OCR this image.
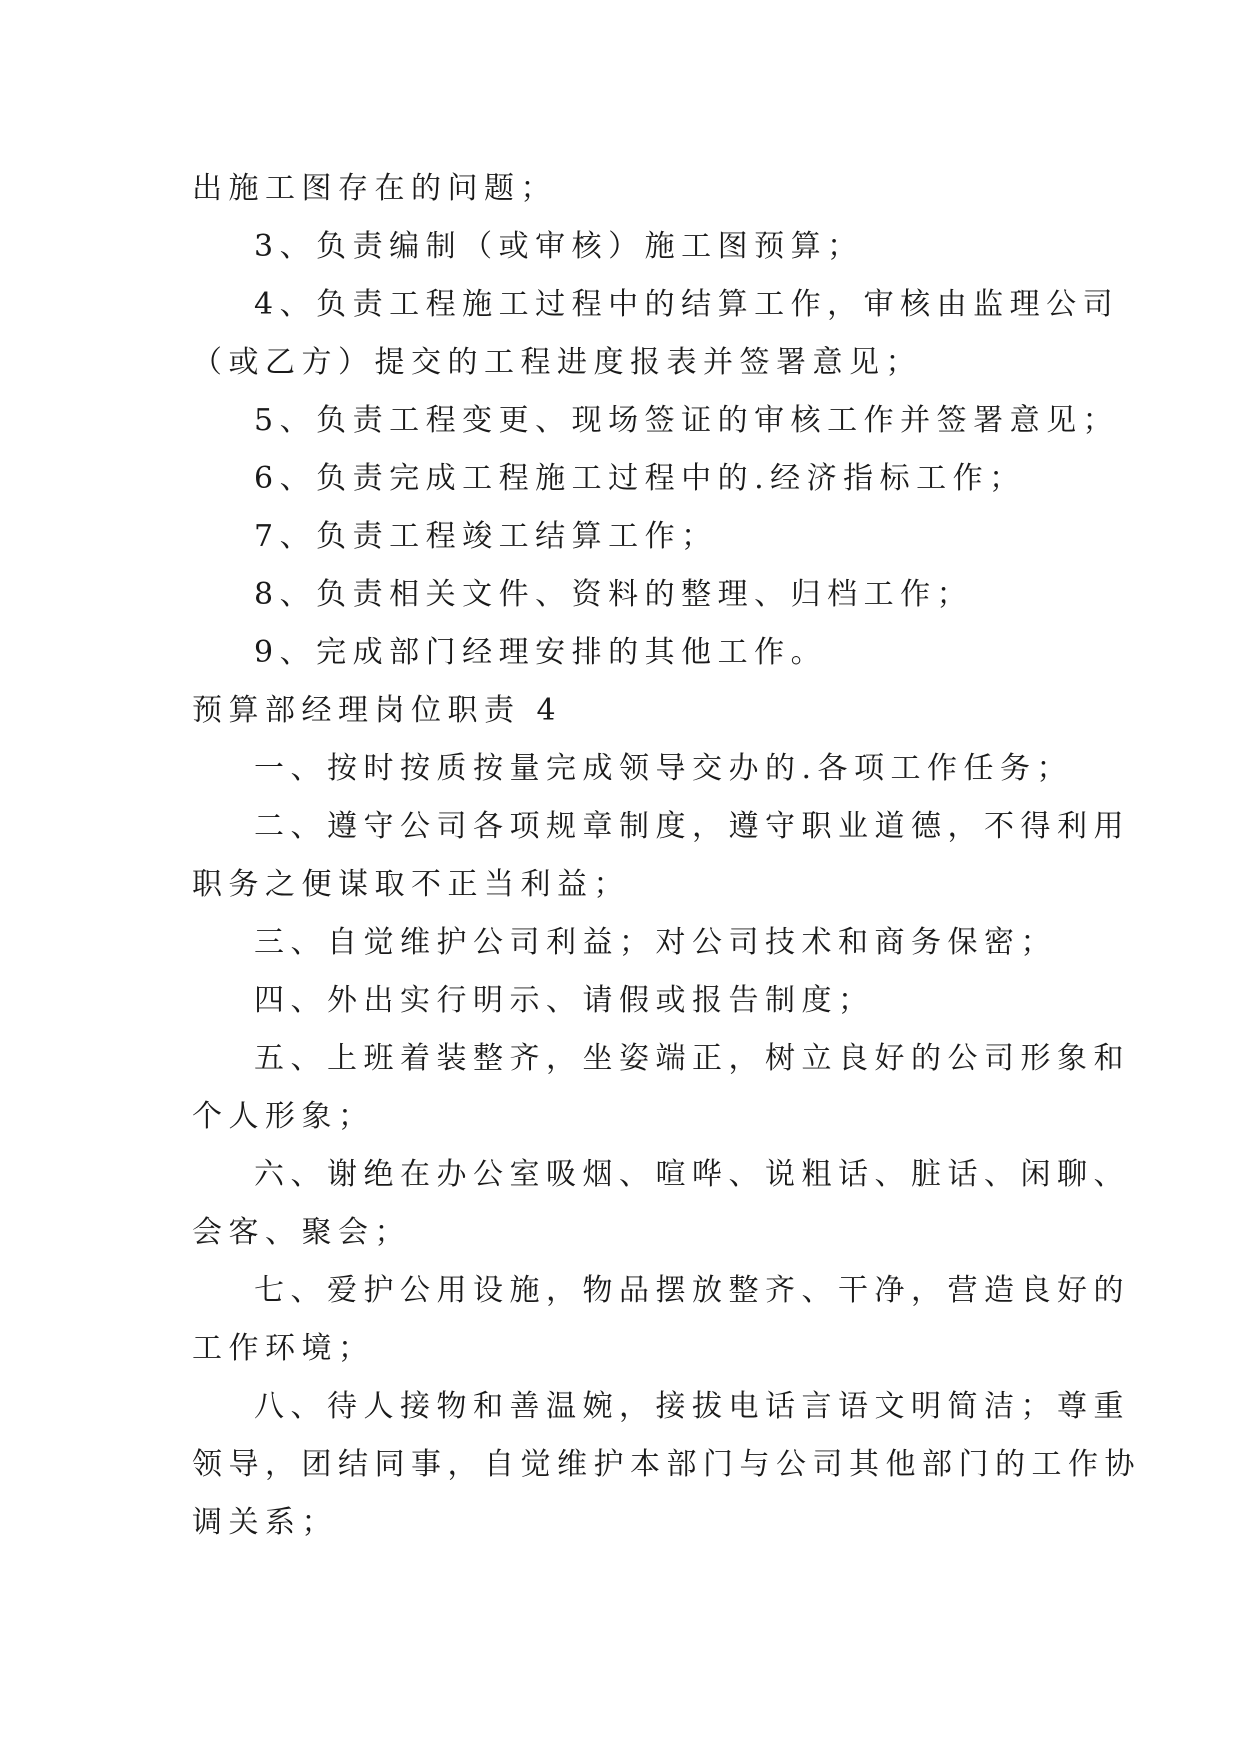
出施工图存在的问题；

3、负责编制（或审核）施工图预算；

4、负责工程施工过程中的结算工作，审核由监理公司

（或乙方）提交的工程进度报表并签署意见；

5、负责工程变更、现场签证的审核工作并签署意见；

6、负责完成工程施工过程中的.经济指标工作；

7、负责工程竣工结算工作；

8、负责相关文件、资料的整理、归档工作；

9、完成部门经理安排的其他工作。

预算部经理岗位职责 4

一、按时按质按量完成领导交办的.各项工作任务；

二、遵守公司各项规章制度，遵守职业道德，不得利用

职务之便谋取不正当利益；

三、自觉维护公司利益；对公司技术和商务保密；

四、外出实行明示、请假或报告制度；

五、上班着装整齐，坐姿端正，树立良好的公司形象和

个人形象；

六、谢绝在办公室吸烟、喧哗、说粗话、脏话、闲聊、

会客、聚会；

七、爱护公用设施，物品摆放整齐、干净，营造良好的

工作环境；

八、待人接物和善温婉，接拔电话言语文明简洁；尊重

领导，团结同事，自觉维护本部门与公司其他部门的工作协

调关系；
